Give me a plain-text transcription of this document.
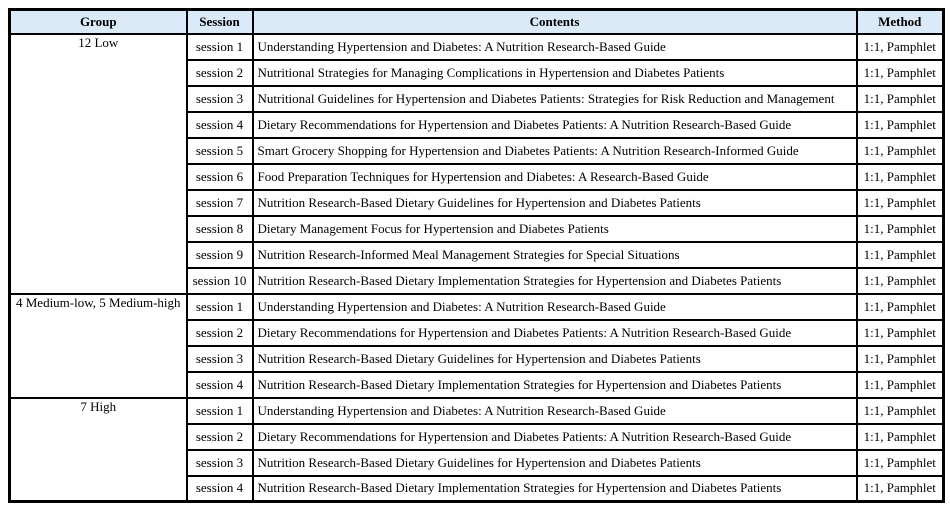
Group	Session	Contents	Method
12 Low	session 1	Understanding Hypertension and Diabetes: A Nutrition Research-Based Guide	1:1, Pamphlet
	session 2	Nutritional Strategies for Managing Complications in Hypertension and Diabetes Patients	1:1, Pamphlet
	session 3	Nutritional Guidelines for Hypertension and Diabetes Patients: Strategies for Risk Reduction and Management	1:1, Pamphlet
	session 4	Dietary Recommendations for Hypertension and Diabetes Patients: A Nutrition Research-Based Guide	1:1, Pamphlet
	session 5	Smart Grocery Shopping for Hypertension and Diabetes Patients: A Nutrition Research-Informed Guide	1:1, Pamphlet
	session 6	Food Preparation Techniques for Hypertension and Diabetes: A Research-Based Guide	1:1, Pamphlet
	session 7	Nutrition Research-Based Dietary Guidelines for Hypertension and Diabetes Patients	1:1, Pamphlet
	session 8	Dietary Management Focus for Hypertension and Diabetes Patients	1:1, Pamphlet
	session 9	Nutrition Research-Informed Meal Management Strategies for Special Situations	1:1, Pamphlet
	session 10	Nutrition Research-Based Dietary Implementation Strategies for Hypertension and Diabetes Patients	1:1, Pamphlet
4 Medium-low, 5 Medium-high	session 1	Understanding Hypertension and Diabetes: A Nutrition Research-Based Guide	1:1, Pamphlet
	session 2	Dietary Recommendations for Hypertension and Diabetes Patients: A Nutrition Research-Based Guide	1:1, Pamphlet
	session 3	Nutrition Research-Based Dietary Guidelines for Hypertension and Diabetes Patients	1:1, Pamphlet
	session 4	Nutrition Research-Based Dietary Implementation Strategies for Hypertension and Diabetes Patients	1:1, Pamphlet
7 High	session 1	Understanding Hypertension and Diabetes: A Nutrition Research-Based Guide	1:1, Pamphlet
	session 2	Dietary Recommendations for Hypertension and Diabetes Patients: A Nutrition Research-Based Guide	1:1, Pamphlet
	session 3	Nutrition Research-Based Dietary Guidelines for Hypertension and Diabetes Patients	1:1, Pamphlet
	session 4	Nutrition Research-Based Dietary Implementation Strategies for Hypertension and Diabetes Patients	1:1, Pamphlet
